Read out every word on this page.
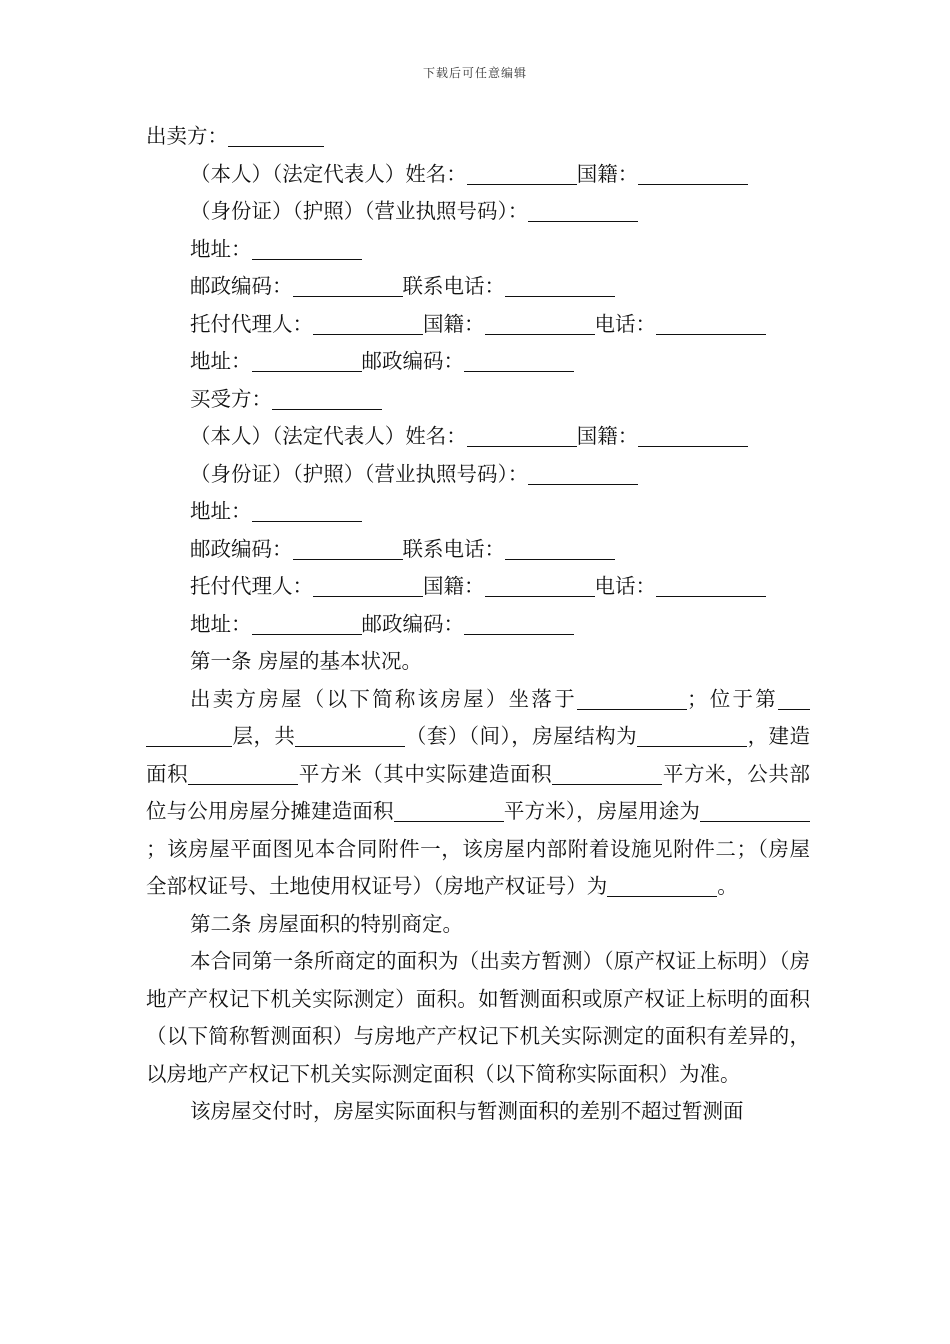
下载后可任意编辑
出卖方：
（本人）（法定代表人）姓名：	国籍：
（身份证）（护照）（营业执照号码）：
地址：
邮政编码：	联系电话：
托付代理人：	国籍：	电话：
地址：	邮政编码：
买受方：
（本人）（法定代表人）姓名：	国籍：
（身份证）（护照）（营业执照号码）：
地址：
邮政编码：	联系电话：
托付代理人：	国籍：	电话：
地址：	邮政编码：
第一条 房屋的基本状况。

出卖方房屋（以下简称该房屋）坐落于	；位于第层，共	（套）（间），房屋结构为	，建造面积	平方米（其中实际建造面积	平方米，公共部位与公用房屋分摊建造面积	平方米），房屋用途为；该房屋平面图见本合同附件一，该房屋内部附着设施见附件二；（房屋全部权证号、土地使用权证号）（房地产权证号）为	。

第二条 房屋面积的特别商定。

本合同第一条所商定的面积为（出卖方暂测）（原产权证上标明）（房地产产权记下机关实际测定）面积。如暂测面积或原产权证上标明的面积（以下简称暂测面积）与房地产产权记下机关实际测定的面积有差异的，以房地产产权记下机关实际测定面积（以下简称实际面积）为准。

该房屋交付时，房屋实际面积与暂测面积的差别不超过暂测面
